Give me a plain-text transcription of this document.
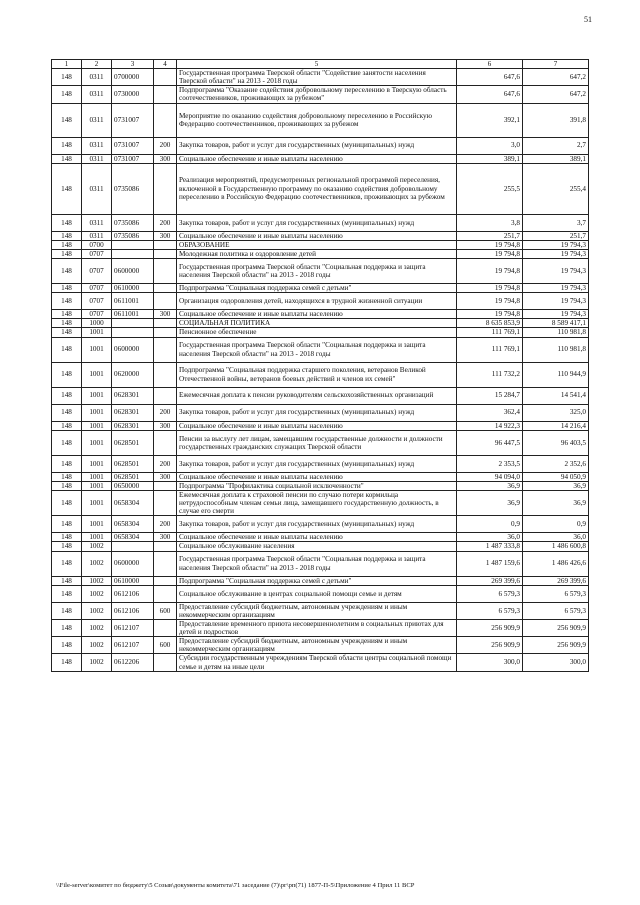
51
1	2	3	4	5	6	7
148	0311	0700000		Государственная программа Тверской области "Содействие занятости населения Тверской области" на 2013 - 2018 годы	647,6	647,2
148	0311	0730000		Подпрограмма "Оказание содействия добровольному переселению в Тверскую область соотечественников, проживающих за рубежом"	647,6	647,2
148	0311	0731007		Мероприятие по оказанию содействия добровольному переселению в Российскую Федерацию соотечественников, проживающих за рубежом	392,1	391,8
148	0311	0731007	200	Закупка товаров, работ и услуг для государственных (муниципальных) нужд	3,0	2,7
148	0311	0731007	300	Социальное обеспечение и иные выплаты населению	389,1	389,1
148	0311	0735086		Реализация мероприятий, предусмотренных региональной программой переселения, включенной в Государственную программу по оказанию содействия добровольному переселению в Российскую Федерацию соотечественников, проживающих за рубежом	255,5	255,4
148	0311	0735086	200	Закупка товаров, работ и услуг для государственных (муниципальных) нужд	3,8	3,7
148	0311	0735086	300	Социальное обеспечение и иные выплаты населению	251,7	251,7
148	0700			ОБРАЗОВАНИЕ	19 794,8	19 794,3
148	0707			Молодежная политика и оздоровление детей	19 794,8	19 794,3
148	0707	0600000		Государственная программа Тверской области "Социальная поддержка и защита населения Тверской области" на 2013 - 2018 годы	19 794,8	19 794,3
148	0707	0610000		Подпрограмма "Социальная поддержка семей с детьми"	19 794,8	19 794,3
148	0707	0611001		Организация оздоровления детей, находящихся в трудной жизненной ситуации	19 794,8	19 794,3
148	0707	0611001	300	Социальное обеспечение и иные выплаты населению	19 794,8	19 794,3
148	1000			СОЦИАЛЬНАЯ ПОЛИТИКА	8 635 853,9	8 589 417,1
148	1001			Пенсионное обеспечение	111 769,1	110 981,8
148	1001	0600000		Государственная программа Тверской области "Социальная поддержка и защита населения Тверской области" на 2013 - 2018 годы	111 769,1	110 981,8
148	1001	0620000		Подпрограмма "Социальная поддержка старшего поколения, ветеранов Великой Отечественной войны, ветеранов боевых действий и членов их семей"	111 732,2	110 944,9
148	1001	0628301		Ежемесячная доплата к пенсии руководителям сельскохозяйственных организаций	15 284,7	14 541,4
148	1001	0628301	200	Закупка товаров, работ и услуг для государственных (муниципальных) нужд	362,4	325,0
148	1001	0628301	300	Социальное обеспечение и иные выплаты населению	14 922,3	14 216,4
148	1001	0628501		Пенсии за выслугу лет лицам, замещавшим государственные должности и должности государственных гражданских служащих Тверской области	96 447,5	96 403,5
148	1001	0628501	200	Закупка товаров, работ и услуг для государственных (муниципальных) нужд	2 353,5	2 352,6
148	1001	0628501	300	Социальное обеспечение и иные выплаты населению	94 094,0	94 050,9
148	1001	0650000		Подпрограмма "Профилактика социальной исключенности"	36,9	36,9
148	1001	0658304		Ежемесячная доплата к страховой пенсии по случаю потери кормильца нетрудоспособным членам семьи лица, замещавшего государственную должность, в случае его смерти	36,9	36,9
148	1001	0658304	200	Закупка товаров, работ и услуг для государственных (муниципальных) нужд	0,9	0,9
148	1001	0658304	300	Социальное обеспечение и иные выплаты населению	36,0	36,0
148	1002			Социальное обслуживание населения	1 487 333,8	1 486 600,8
148	1002	0600000		Государственная программа Тверской области "Социальная поддержка и защита населения Тверской области" на 2013 - 2018 годы	1 487 159,6	1 486 426,6
148	1002	0610000		Подпрограмма "Социальная поддержка семей с детьми"	269 399,6	269 399,6
148	1002	0612106		Социальное обслуживание в центрах социальной помощи семье и детям	6 579,3	6 579,3
148	1002	0612106	600	Предоставление субсидий бюджетным, автономным учреждениям и иным некоммерческим организациям	6 579,3	6 579,3
148	1002	0612107		Предоставление временного приюта несовершеннолетним в социальных приютах для детей и подростков	256 909,9	256 909,9
148	1002	0612107	600	Предоставление субсидий бюджетным, автономным учреждениям и иным некоммерческим организациям	256 909,9	256 909,9
148	1002	0612206		Субсидии государственным учреждениям Тверской области центры социальной помощи семье и детям на иные цели	300,0	300,0
\\File-server\комитет по бюджету\5 Созыв\документы комитета\71 заседание (7)\рг\рп(71) 1877-П-5\Приложение 4 Прил 11 ВСР
